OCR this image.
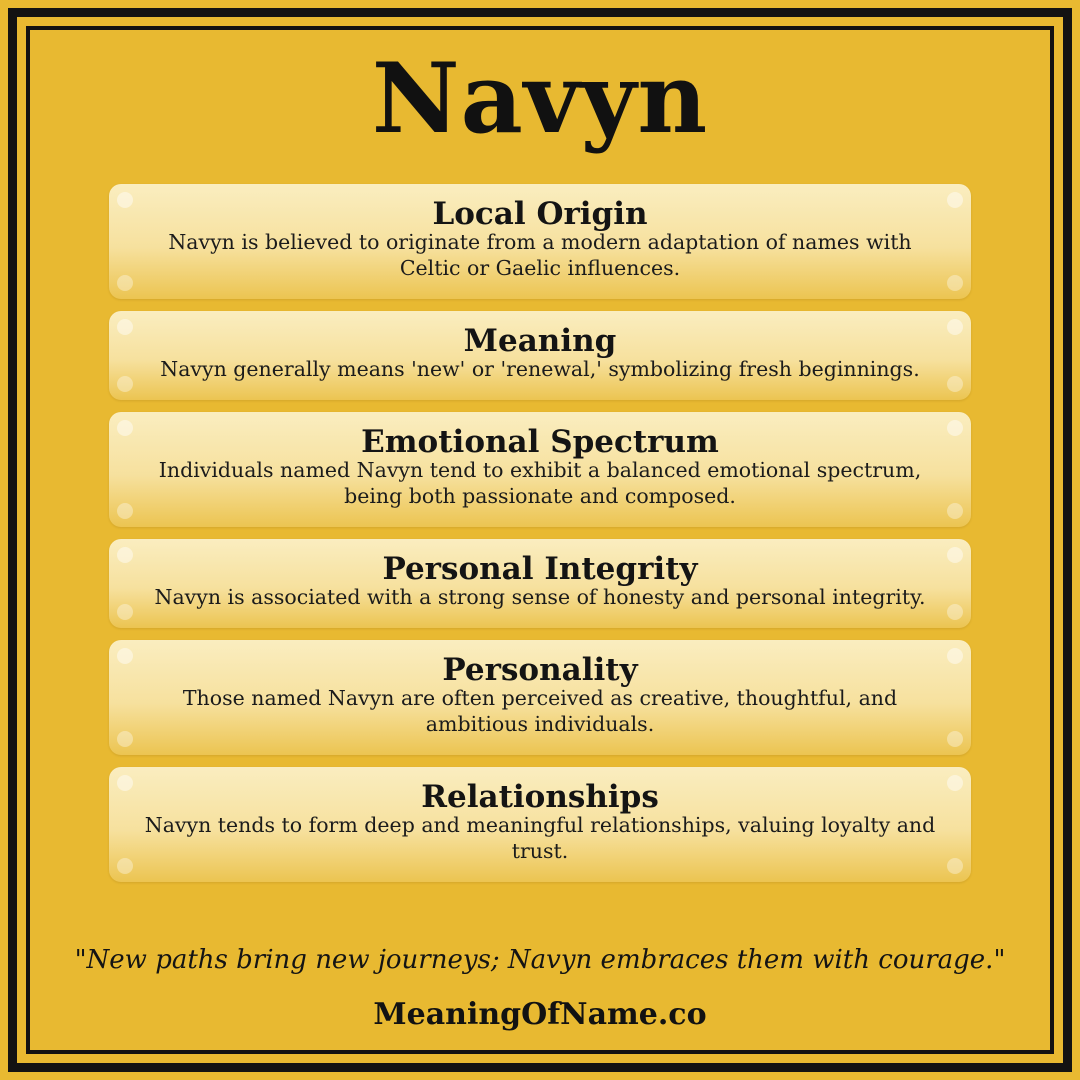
Navyn
Local Origin
Navyn is believed to originate from a modern adaptation of names with Celtic or Gaelic influences.
Meaning
Navyn generally means 'new' or 'renewal,' symbolizing fresh beginnings.
Emotional Spectrum
Individuals named Navyn tend to exhibit a balanced emotional spectrum, being both passionate and composed.
Personal Integrity
Navyn is associated with a strong sense of honesty and personal integrity.
Personality
Those named Navyn are often perceived as creative, thoughtful, and ambitious individuals.
Relationships
Navyn tends to form deep and meaningful relationships, valuing loyalty and trust.
"New paths bring new journeys; Navyn embraces them with courage."
MeaningOfName.co
